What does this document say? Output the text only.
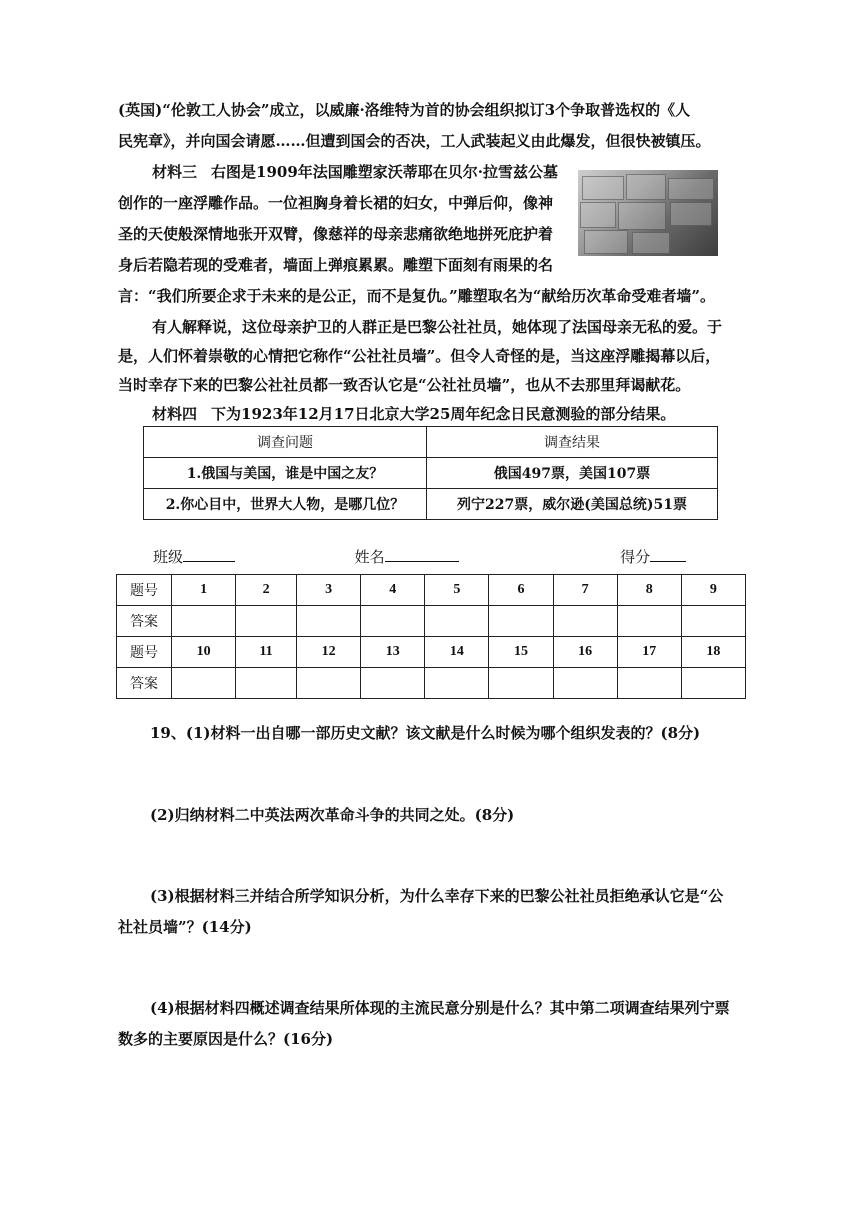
(英国)“伦敦工人协会”成立，以威廉·洛维特为首的协会组织拟订3个争取普选权的《人

民宪章》，并向国会请愿……但遭到国会的否决，工人武装起义由此爆发，但很快被镇压。

材料三 右图是1909年法国雕塑家沃蒂耶在贝尔·拉雪兹公墓

创作的一座浮雕作品。一位袒胸身着长裙的妇女，中弹后仰，像神

圣的天使般深情地张开双臂，像慈祥的母亲悲痛欲绝地拼死庇护着

身后若隐若现的受难者，墙面上弹痕累累。雕塑下面刻有雨果的名

言：“我们所要企求于未来的是公正，而不是复仇。”雕塑取名为“献给历次革命受难者墙”。

有人解释说，这位母亲护卫的人群正是巴黎公社社员，她体现了法国母亲无私的爱。于

是，人们怀着崇敬的心情把它称作“公社社员墙”。但令人奇怪的是，当这座浮雕揭幕以后，

当时幸存下来的巴黎公社社员都一致否认它是“公社社员墙”，也从不去那里拜谒献花。

材料四 下为1923年12月17日北京大学25周年纪念日民意测验的部分结果。

调查问题	调查结果
1.俄国与美国，谁是中国之友？	俄国497票，美国107票
2.你心目中，世界大人物，是哪几位？	列宁227票，威尔逊(美国总统)51票
班级	姓名	得分
题号	1	2	3	4	5	6	7	8	9
答案									
题号	10	11	12	13	14	15	16	17	18
答案									

19、(1)材料一出自哪一部历史文献？该文献是什么时候为哪个组织发表的？(8分)

(2)归纳材料二中英法两次革命斗争的共同之处。(8分)

(3)根据材料三并结合所学知识分析，为什么幸存下来的巴黎公社社员拒绝承认它是“公

社社员墙”？(14分)

(4)根据材料四概述调查结果所体现的主流民意分别是什么？其中第二项调查结果列宁票

数多的主要原因是什么？(16分)
